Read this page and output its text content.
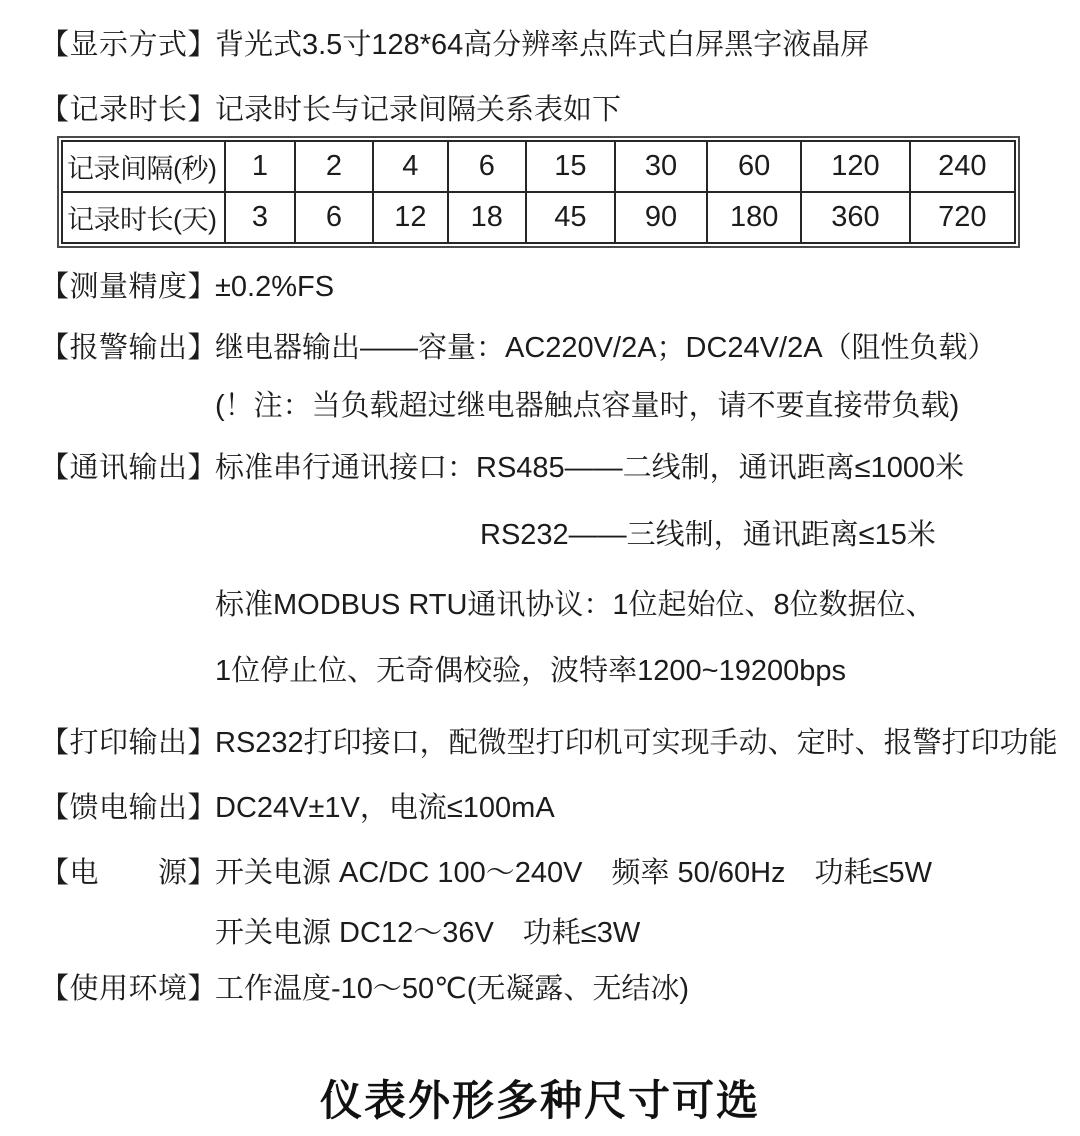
【显示方式】
背光式3.5寸128*64高分辨率点阵式白屏黑字液晶屏
【记录时长】
记录时长与记录间隔关系表如下
记录间隔(秒)	1	2	4	6	15	30	60	120	240
记录时长(天)	3	6	12	18	45	90	180	360	720
【测量精度】
±0.2%FS
【报警输出】
继电器输出——容量：AC220V/2A；DC24V/2A（阻性负载）
(！注：当负载超过继电器触点容量时，请不要直接带负载)
【通讯输出】
标准串行通讯接口：RS485——二线制，通讯距离≤1000米
RS232——三线制，通讯距离≤15米
标准MODBUS RTU通讯协议：1位起始位、8位数据位、
1位停止位、无奇偶校验，波特率1200~19200bps
【打印输出】
RS232打印接口，配微型打印机可实现手动、定时、报警打印功能
【馈电输出】
DC24V±1V，电流≤100mA
【电　　源】
开关电源 AC/DC 100～240V　频率 50/60Hz　功耗≤5W
开关电源 DC12～36V　功耗≤3W
【使用环境】
工作温度-10～50℃(无凝露、无结冰)
仪表外形多种尺寸可选
